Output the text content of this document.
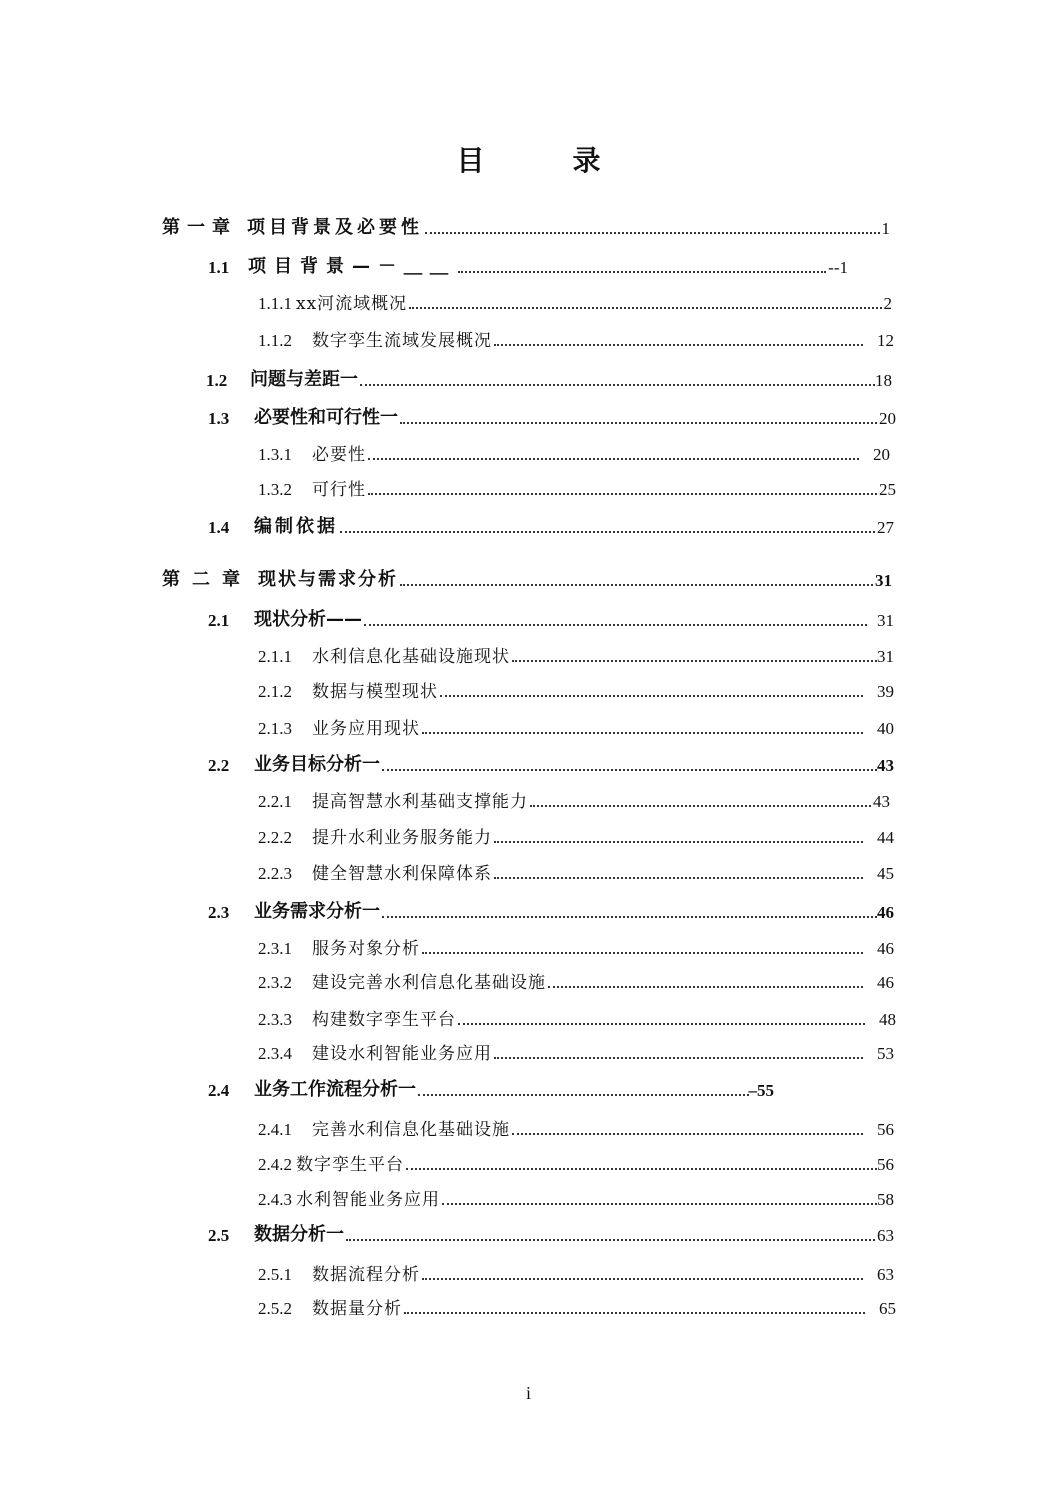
目　录
第一章 项目背景及必要性	1
1.1	项目背景—－＿＿	--1
1.1.1 xx河流域概况	2
1.1.2	数字孪生流域发展概况	12
1.2	问题与差距一	18
1.3	必要性和可行性一	20
1.3.1	必要性	20
1.3.2	可行性	25
1.4	编制依据	27
第二章 现状与需求分析	31
2.1	现状分析——	31
2.1.1	水利信息化基础设施现状	31
2.1.2	数据与模型现状	39
2.1.3	业务应用现状	40
2.2	业务目标分析一	43
2.2.1	提高智慧水利基础支撑能力	43
2.2.2	提升水利业务服务能力	44
2.2.3	健全智慧水利保障体系	45
2.3	业务需求分析一	46
2.3.1	服务对象分析	46
2.3.2	建设完善水利信息化基础设施	46
2.3.3	构建数字孪生平台	48
2.3.4	建设水利智能业务应用	53
2.4	业务工作流程分析一	–55
2.4.1	完善水利信息化基础设施	56
2.4.2 数字孪生平台	56
2.4.3 水利智能业务应用	58
2.5	数据分析一	63
2.5.1	数据流程分析	63
2.5.2	数据量分析	65
i
